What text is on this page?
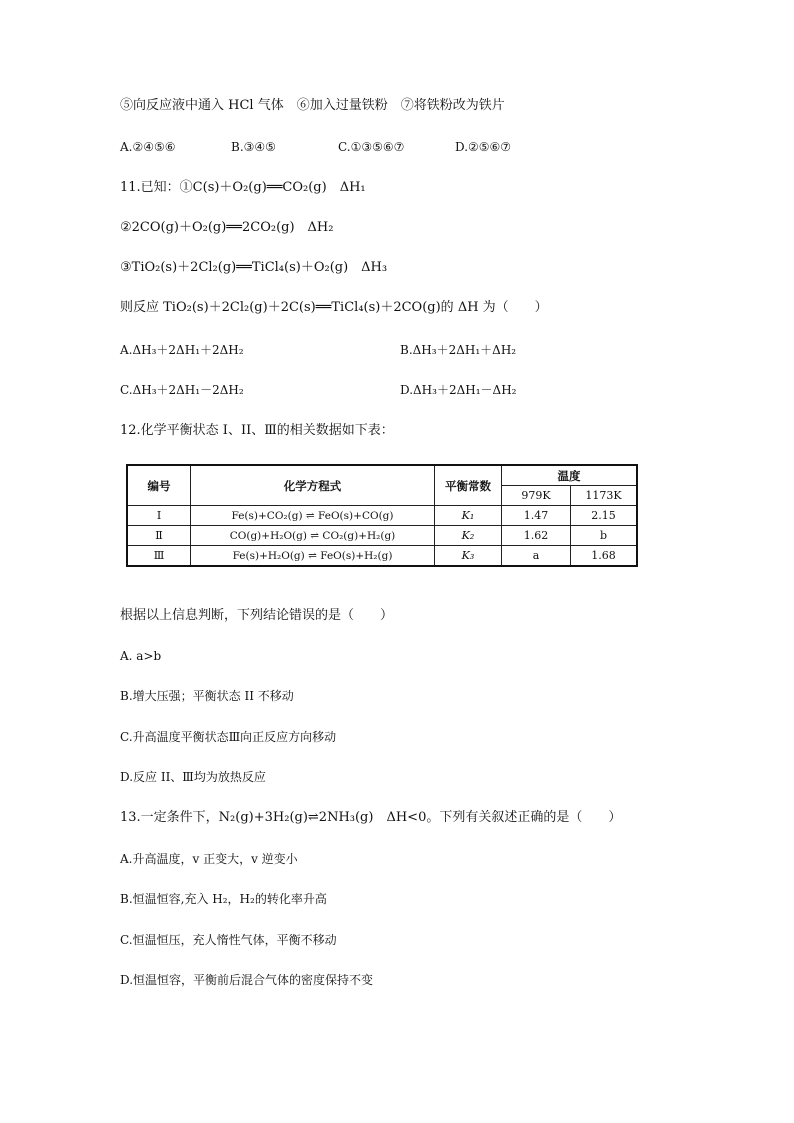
⑤向反应液中通入 HCl 气体　⑥加入过量铁粉　⑦将铁粉改为铁片
A.②④⑤⑥	B.③④⑤	C.①③⑤⑥⑦	D.②⑤⑥⑦
11.已知：①C(s)＋O₂(g)══CO₂(g)　ΔH₁
②2CO(g)＋O₂(g)══2CO₂(g)　ΔH₂
③TiO₂(s)＋2Cl₂(g)══TiCl₄(s)＋O₂(g)　ΔH₃
则反应 TiO₂(s)＋2Cl₂(g)＋2C(s)══TiCl₄(s)＋2CO(g)的 ΔH 为（　　）
A.ΔH₃＋2ΔH₁＋2ΔH₂	B.ΔH₃＋2ΔH₁＋ΔH₂
C.ΔH₃＋2ΔH₁－2ΔH₂	D.ΔH₃＋2ΔH₁－ΔH₂
12.化学平衡状态 I、II、Ⅲ的相关数据如下表：
编号	化学方程式	平衡常数	温度	
			979K	1173K
Ⅰ	Fe(s)+CO₂(g) ⇌ FeO(s)+CO(g)	K₁	1.47	2.15
Ⅱ	CO(g)+H₂O(g) ⇌ CO₂(g)+H₂(g)	K₂	1.62	b
Ⅲ	Fe(s)+H₂O(g) ⇌ FeO(s)+H₂(g)	K₃	a	1.68
根据以上信息判断，下列结论错误的是（　　）
A. a>b
B.增大压强；平衡状态 II 不移动
C.升高温度平衡状态Ⅲ向正反应方向移动
D.反应 II、Ⅲ均为放热反应
13.一定条件下，N₂(g)+3H₂(g)⇌2NH₃(g)　ΔH<0。下列有关叙述正确的是（　　）
A.升高温度，v 正变大，v 逆变小
B.恒温恒容,充入 H₂，H₂的转化率升高
C.恒温恒压，充人惰性气体，平衡不移动
D.恒温恒容，平衡前后混合气体的密度保持不变
